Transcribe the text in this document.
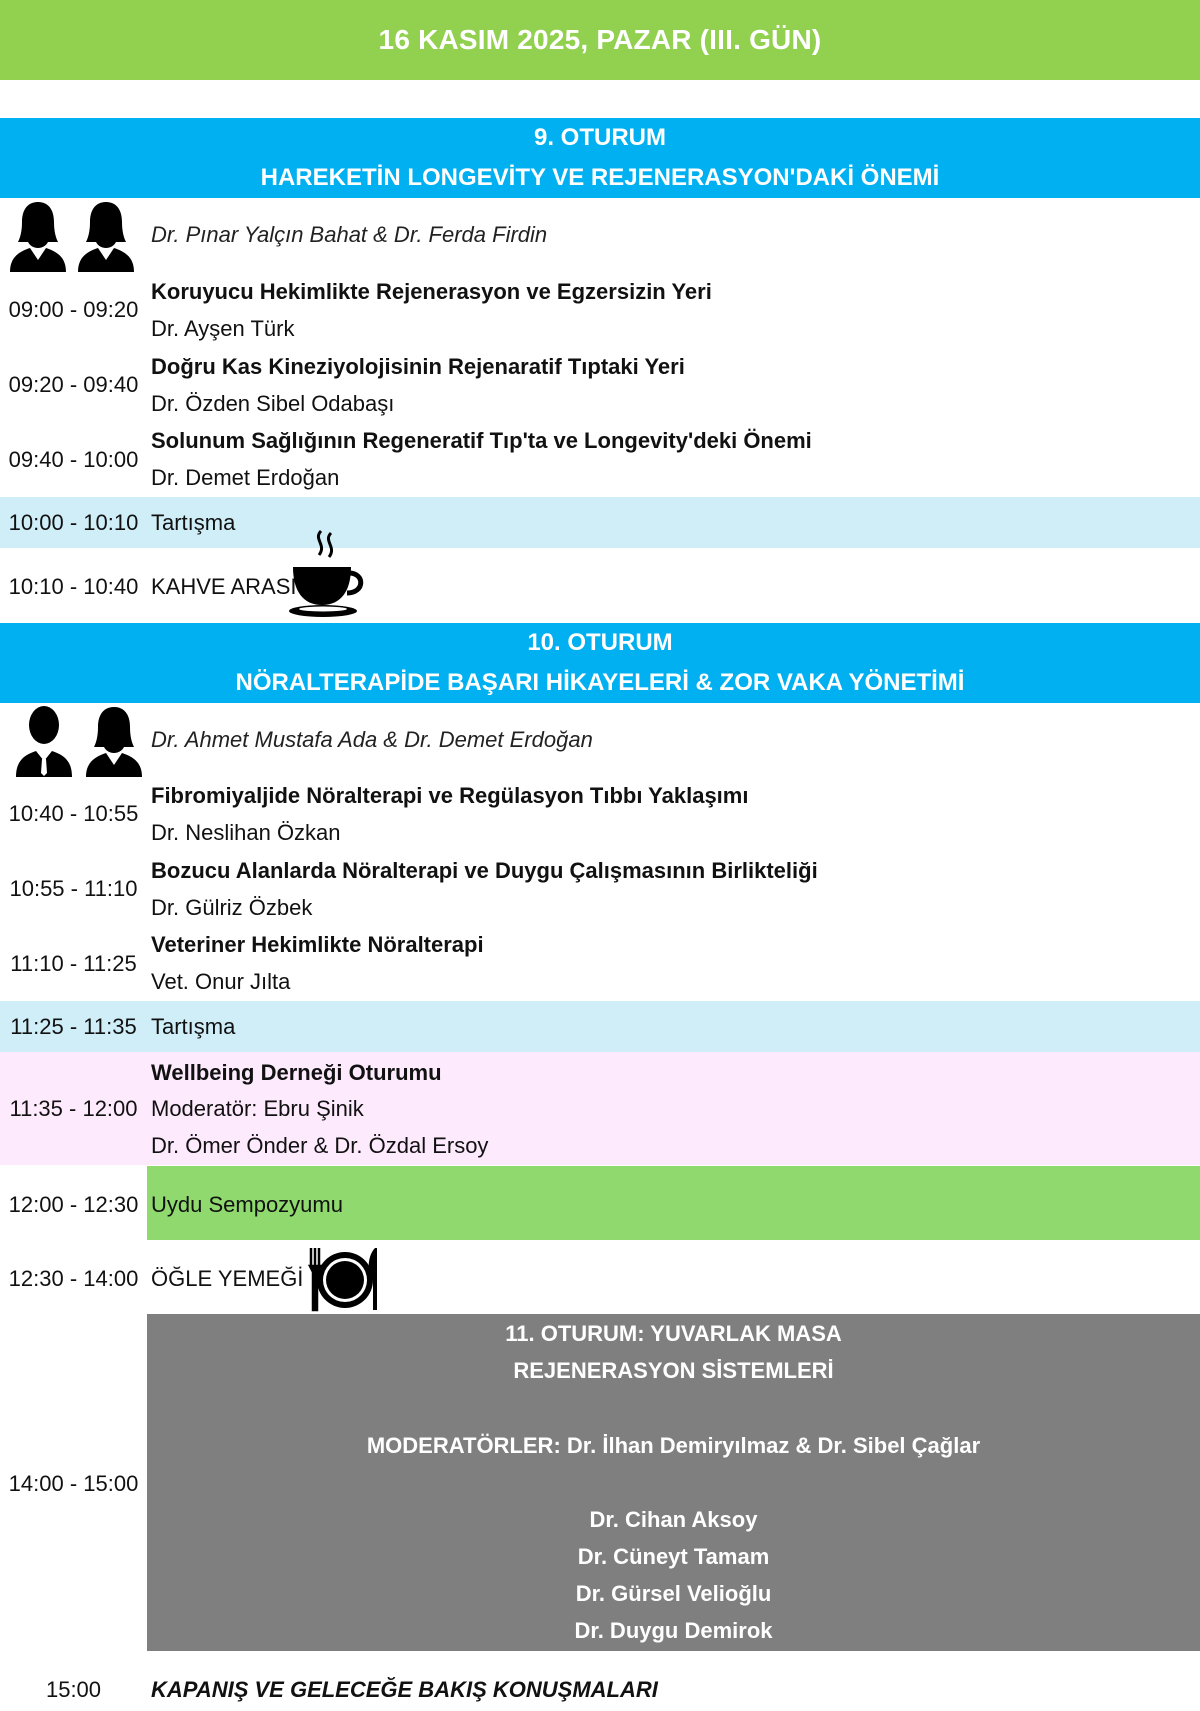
16 KASIM 2025, PAZAR (III. GÜN)
9. OTURUM
HAREKETİN LONGEVİTY VE REJENERASYON'DAKİ ÖNEMİ
Dr. Pınar Yalçın Bahat & Dr. Ferda Firdin
09:00 - 09:20
Koruyucu Hekimlikte Rejenerasyon ve Egzersizin Yeri
Dr. Ayşen Türk
09:20 - 09:40
Doğru Kas Kineziyolojisinin Rejenaratif Tıptaki Yeri
Dr. Özden Sibel Odabaşı
09:40 - 10:00
Solunum Sağlığının Regeneratif Tıp'ta ve Longevity'deki Önemi
Dr. Demet Erdoğan
10:00 - 10:10 Tartışma
10:10 - 10:40 KAHVE ARASI
10. OTURUM
NÖRALTERAPİDE BAŞARI HİKAYELERİ & ZOR VAKA YÖNETİMİ
Dr. Ahmet Mustafa Ada & Dr. Demet Erdoğan
10:40 - 10:55
Fibromiyaljide Nöralterapi ve Regülasyon Tıbbı Yaklaşımı
Dr. Neslihan Özkan
10:55 - 11:10
Bozucu Alanlarda Nöralterapi ve Duygu Çalışmasının Birlikteliği
Dr. Gülriz Özbek
11:10 - 11:25
Veteriner Hekimlikte Nöralterapi
Vet. Onur Jılta
11:25 - 11:35 Tartışma
11:35 - 12:00
Wellbeing Derneği Oturumu
Moderatör: Ebru Şinik
Dr. Ömer Önder & Dr. Özdal Ersoy
12:00 - 12:30 Uydu Sempozyumu
12:30 - 14:00 ÖĞLE YEMEĞİ
14:00 - 15:00
11. OTURUM: YUVARLAK MASA
REJENERASYON SİSTEMLERİ
MODERATÖRLER: Dr. İlhan Demiryılmaz & Dr. Sibel Çağlar
Dr. Cihan Aksoy
Dr. Cüneyt Tamam
Dr. Gürsel Velioğlu
Dr. Duygu Demirok
15:00	KAPANIŞ VE GELECEĞE BAKIŞ KONUŞMALARI
